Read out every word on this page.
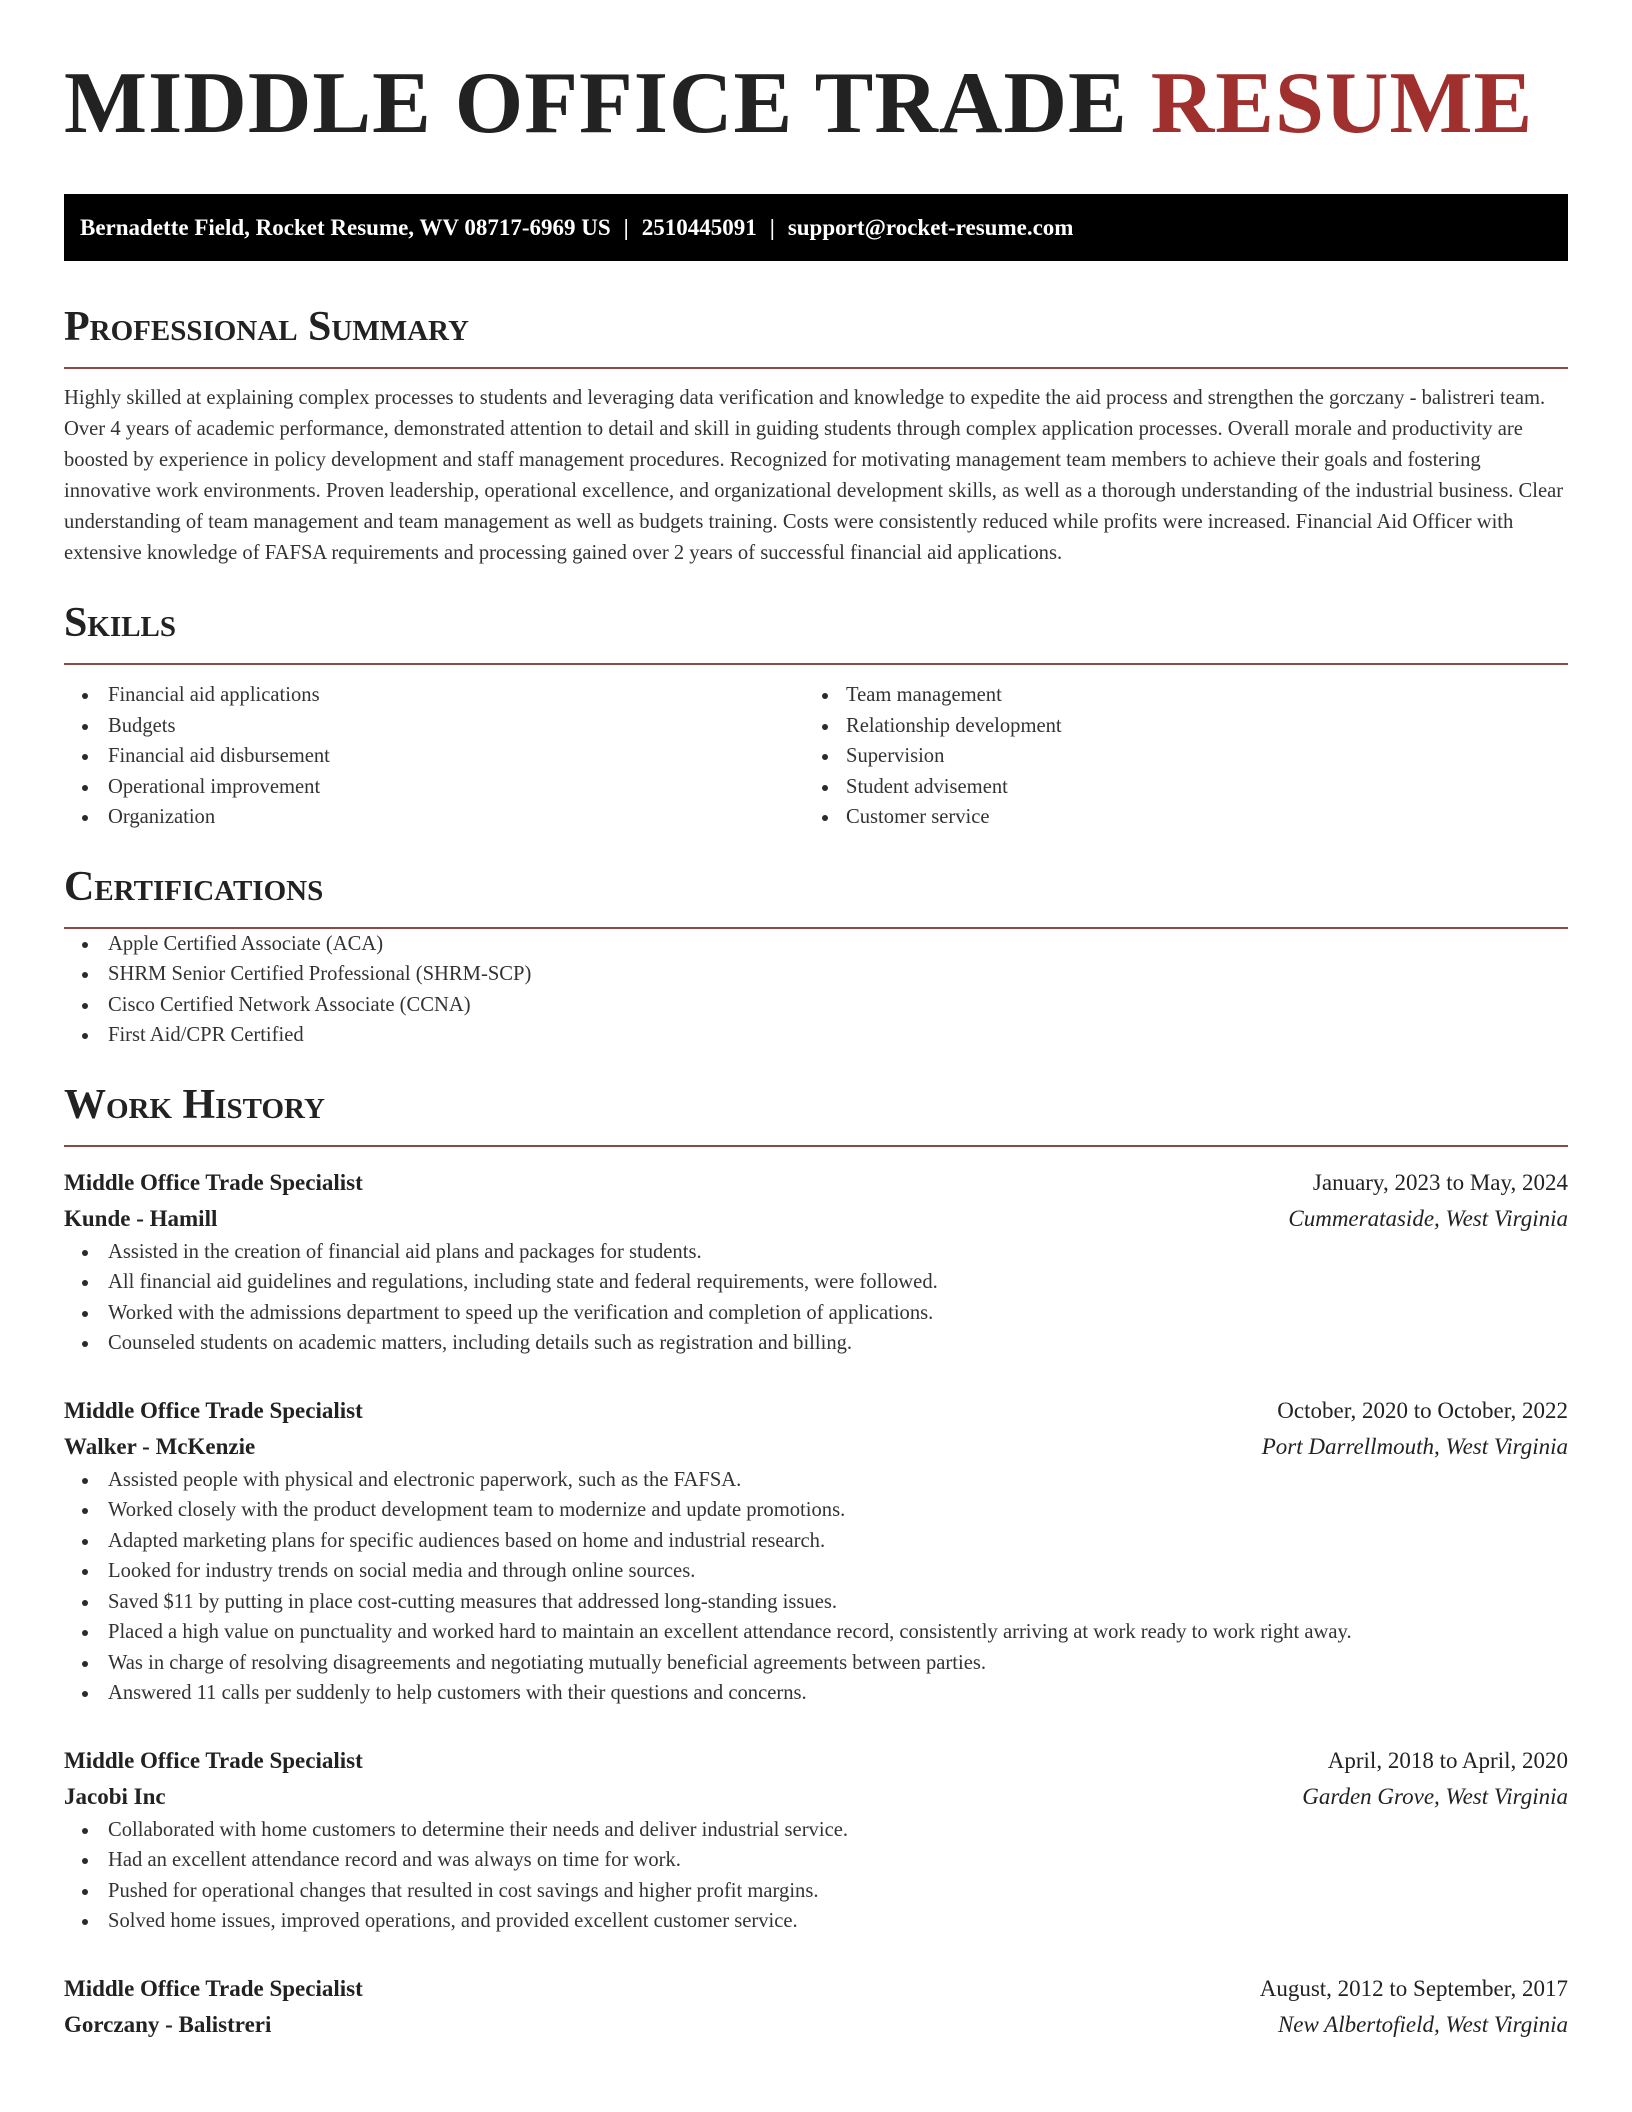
MIDDLE OFFICE TRADE RESUME
Bernadette Field, Rocket Resume, WV 08717-6969 US | 2510445091 | support@rocket-resume.com
Professional Summary

Highly skilled at explaining complex processes to students and leveraging data verification and knowledge to expedite the aid process and strengthen the gorczany - balistreri team. Over 4 years of academic performance, demonstrated attention to detail and skill in guiding students through complex application processes. Overall morale and productivity are boosted by experience in policy development and staff management procedures. Recognized for motivating management team members to achieve their goals and fostering innovative work environments. Proven leadership, operational excellence, and organizational development skills, as well as a thorough understanding of the industrial business. Clear understanding of team management and team management as well as budgets training. Costs were consistently reduced while profits were increased. Financial Aid Officer with extensive knowledge of FAFSA requirements and processing gained over 2 years of successful financial aid applications.

Skills
Financial aid applications
Budgets
Financial aid disbursement
Operational improvement
Organization
Team management
Relationship development
Supervision
Student advisement
Customer service
Certifications
Apple Certified Associate (ACA)
SHRM Senior Certified Professional (SHRM-SCP)
Cisco Certified Network Associate (CCNA)
First Aid/CPR Certified
Work History
Middle Office Trade Specialist	January, 2023 to May, 2024
Kunde - Hamill	Cummerataside, West Virginia
Assisted in the creation of financial aid plans and packages for students.
All financial aid guidelines and regulations, including state and federal requirements, were followed.
Worked with the admissions department to speed up the verification and completion of applications.
Counseled students on academic matters, including details such as registration and billing.
Middle Office Trade Specialist	October, 2020 to October, 2022
Walker - McKenzie	Port Darrellmouth, West Virginia
Assisted people with physical and electronic paperwork, such as the FAFSA.
Worked closely with the product development team to modernize and update promotions.
Adapted marketing plans for specific audiences based on home and industrial research.
Looked for industry trends on social media and through online sources.
Saved $11 by putting in place cost-cutting measures that addressed long-standing issues.
Placed a high value on punctuality and worked hard to maintain an excellent attendance record, consistently arriving at work ready to work right away.
Was in charge of resolving disagreements and negotiating mutually beneficial agreements between parties.
Answered 11 calls per suddenly to help customers with their questions and concerns.
Middle Office Trade Specialist	April, 2018 to April, 2020
Jacobi Inc	Garden Grove, West Virginia
Collaborated with home customers to determine their needs and deliver industrial service.
Had an excellent attendance record and was always on time for work.
Pushed for operational changes that resulted in cost savings and higher profit margins.
Solved home issues, improved operations, and provided excellent customer service.
Middle Office Trade Specialist	August, 2012 to September, 2017
Gorczany - Balistreri	New Albertofield, West Virginia
